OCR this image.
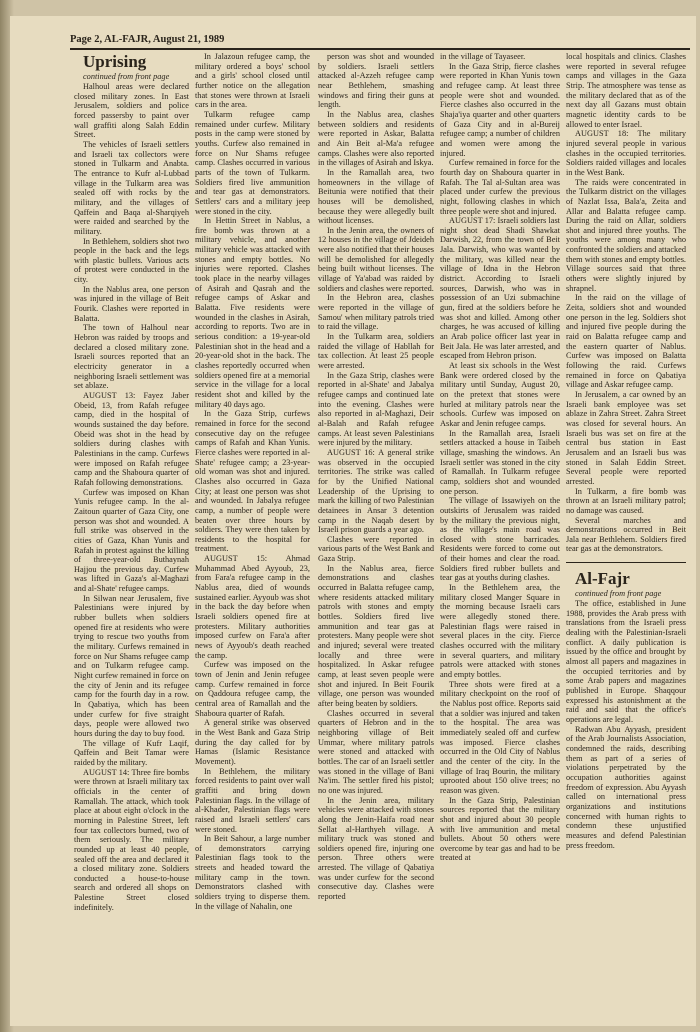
Page 2, AL-FAJR, August 21, 1989

Uprising

continued from front page

Halhoul areas were declared closed military zones. In East Jerusalem, soldiers and police forced passersby to paint over wall graffiti along Salah Eddin Street.

The vehicles of Israeli settlers and Israeli tax collectors were stoned in Tulkarm and Anabta. The entrance to Kufr al-Lubbad village in the Tulkarm area was sealed off with rocks by the military, and the villages of Qaffein and Baqa al-Sharqiyeh were raided and searched by the military.

In Bethlehem, soldiers shot two people in the back and the legs with plastic bullets. Various acts of protest were conducted in the city.

In the Nablus area, one person was injured in the village of Beit Fourik. Clashes were reported in Balatta.

The town of Halhoul near Hebron was raided by troops and declared a closed military zone. Israeli sources reported that an electricity generator in a neighboring Israeli settlement was set ablaze.

AUGUST 13: Fayez Jaber Obeid, 13, from Rafah refugee camp, died in the hospital of wounds sustained the day before. Obeid was shot in the head by soldiers during clashes with Palestinians in the camp. Curfews were imposed on Rafah refugee camp and the Shaboura quarter of Rafah following demonstrations.

Curfew was imposed on Khan Yunis refugee camp. In the al-Zaitoun quarter of Gaza City, one person was shot and wounded. A full strike was observed in the cities of Gaza, Khan Yunis and Rafah in protest against the killing of three-year-old Buthaynah Hajjou the previous day. Curfew was lifted in Gaza's al-Maghazi and al-Shate' refugee camps.

In Silwan near Jerusalem, five Palestinians were injured by rubber bullets when soldiers opened fire at residents who were trying to rescue two youths from the military. Curfews remained in force on Nur Shams refugee camp and on Tulkarm refugee camp. Night curfew remained in force on the city of Jenin and its refugee camp for the fourth day in a row. In Qabatiya, which has been under curfew for five straight days, people were allowed two hours during the day to buy food.

The village of Kufr Laqif, Qaffein and Beit Tamar were raided by the military.

AUGUST 14: Three fire bombs were thrown at Israeli military tax officials in the center of Ramallah. The attack, which took place at about eight o'clock in the morning in Palestine Street, left four tax collectors burned, two of them seriously. The military rounded up at least 40 people, sealed off the area and declared it a closed military zone. Soldiers conducted a house-to-house search and ordered all shops on Palestine Street closed indefinitely.

In Jalazoun refugee camp, the military ordered a boys' school and a girls' school closed until further notice on the allegation that stones were thrown at Israeli cars in the area.

Tulkarm refugee camp remained under curfew. Military posts in the camp were stoned by youths. Curfew also remained in force on Nur Shams refugee camp. Clashes occurred in various parts of the town of Tulkarm. Soldiers fired live ammunition and tear gas at demonstrators. Settlers' cars and a military jeep were stoned in the city.

In Hettin Street in Nablus, a fire bomb was thrown at a military vehicle, and another military vehicle was attacked with stones and empty bottles. No injuries were reported. Clashes took place in the nearby villages of Asirah and Qasrah and the refugee camps of Askar and Balatta. Five residents were wounded in the clashes in Asirah, according to reports. Two are in serious condition: a 19-year-old Palestinian shot in the head and a 20-year-old shot in the back. The clashes reportedly occurred when soldiers opened fire at a memorial service in the village for a local resident shot and killed by the military 40 days ago.

In the Gaza Strip, curfews remained in force for the second consecutive day on the refugee camps of Rafah and Khan Yunis. Fierce clashes were reported in al-Shate' refugee camp; a 23-year-old woman was shot and injured. Clashes also occurred in Gaza City; at least one person was shot and wounded. In Jabalya refugee camp, a number of people were beaten over three hours by soldiers. They were then taken by residents to the hospital for treatment.

AUGUST 15: Ahmad Muhammad Abed Ayyoub, 23, from Fara'a refugee camp in the Nablus area, died of wounds sustained earlier. Ayyoub was shot in the back the day before when Israeli soldiers opened fire at protesters. Military authorities imposed curfew on Fara'a after news of Ayyoub's death reached the camp.

Curfew was imposed on the town of Jenin and Jenin refugee camp. Curfew remained in force on Qaddoura refugee camp, the central area of Ramallah and the Shaboura quarter of Rafah.

A general strike was observed in the West Bank and Gaza Strip during the day called for by Hamas (Islamic Resistance Movement).

In Bethlehem, the military forced residents to paint over wall graffiti and bring down Palestinian flags. In the village of al-Khader, Palestinian flags were raised and Israeli settlers' cars were stoned.

In Beit Sahour, a large number of demonstrators carrying Palestinian flags took to the streets and headed toward the military camp in the town. Demonstrators clashed with soldiers trying to disperse them. In the village of Nahalin, one

person was shot and wounded by soldiers. Israeli settlers attacked al-Azzeh refugee camp near Bethlehem, smashing windows and firing their guns at length.

In the Nablus area, clashes between soldiers and residents were reported in Askar, Balatta and Ain Beit al-Ma'a refugee camps. Clashes were also reported in the villages of Asirah and Iskya.

In the Ramallah area, two homeowners in the village of Beitunia were notified that their houses will be demolished, because they were allegedly built without licenses.

In the Jenin area, the owners of 12 houses in the village of Jdeideh were also notified that their houses will be demolished for allegedly being built without licenses. The village of Ya'abad was raided by soldiers and clashes were reported.

In the Hebron area, clashes were reported in the village of Samou' when military patrols tried to raid the village.

In the Tulkarm area, soldiers raided the village of Habllah for tax collection. At least 25 people were arrested.

In the Gaza Strip, clashes were reported in al-Shate' and Jabalya refugee camps and continued late into the evening. Clashes were also reported in al-Maghazi, Deir al-Balah and Rafah refugee camps. At least seven Palestinians were injured by the military.

AUGUST 16: A general strike was observed in the occupied territories. The strike was called for by the Unified National Leadership of the Uprising to mark the killing of two Palestinian detainees in Ansar 3 detention camp in the Naqab desert by Israeli prison guards a year ago.

Clashes were reported in various parts of the West Bank and Gaza Strip.

In the Nablus area, fierce demonstrations and clashes occurred in Balatta refugee camp, where residents attacked military patrols with stones and empty bottles. Soldiers fired live ammunition and tear gas at protesters. Many people were shot and injured; several were treated locally and three were hospitalized. In Askar refugee camp, at least seven people were shot and injured. In Beit Fourik village, one person was wounded after being beaten by soldiers.

Clashes occurred in several quarters of Hebron and in the neighboring village of Beit Ummar, where military patrols were stoned and attacked with bottles. The car of an Israeli settler was stoned in the village of Bani Na'im. The settler fired his pistol; no one was injured.

In the Jenin area, military vehicles were attacked with stones along the Jenin-Haifa road near Sellat al-Harthyeh village. A military truck was stoned and soldiers opened fire, injuring one person. Three others were arrested. The village of Qabatiya was under curfew for the second consecutive day. Clashes were reported

in the village of Tayaseer.

In the Gaza Strip, fierce clashes were reported in Khan Yunis town and refugee camp. At least three people were shot and wounded. Fierce clashes also occurred in the Shaja'iya quarter and other quarters of Gaza City and in al-Bureij refugee camp; a number of children and women were among the injured.

Curfew remained in force for the fourth day on Shaboura quarter in Rafah. The Tal al-Sultan area was placed under curfew the previous night, following clashes in which three people were shot and injured.

AUGUST 17: Israeli soldiers last night shot dead Shadi Shawkat Darwish, 22, from the town of Beit Jala. Darwish, who was wanted by the military, was killed near the village of Idna in the Hebron district. According to Israeli sources, Darwish, who was in possession of an Uzi submachine gun, fired at the soldiers before he was shot and killed. Among other charges, he was accused of killing an Arab police officer last year in Beit Jala. He was later arrested, and escaped from Hebron prison.

At least six schools in the West Bank were ordered closed by the military until Sunday, August 20, on the pretext that stones were hurled at military patrols near the schools. Curfew was imposed on Askar and Jenin refugee camps.

In the Ramallah area, Israeli settlers attacked a house in Taibeh village, smashing the windows. An Israeli settler was stoned in the city of Ramallah. In Tulkarm refugee camp, soldiers shot and wounded one person.

The village of Issawiyeh on the outskirts of Jerusalem was raided by the military the previous night, as the village's main road was closed with stone barricades. Residents were forced to come out of their homes and clear the road. Soldiers fired rubber bullets and tear gas at youths during clashes.

In the Bethlehem area, the military closed Manger Square in the morning because Israeli cars were allegedly stoned there. Palestinian flags were raised in several places in the city. Fierce clashes occurred with the military in several quarters, and military patrols were attacked with stones and empty bottles.

Three shots were fired at a military checkpoint on the roof of the Nablus post office. Reports said that a soldier was injured and taken to the hospital. The area was immediately sealed off and curfew was imposed. Fierce clashes occurred in the Old City of Nablus and the center of the city. In the village of Iraq Bourin, the military uprooted about 150 olive trees; no reason was given.

In the Gaza Strip, Palestinian sources reported that the military shot and injured about 30 people with live ammunition and metal bullets. About 50 others were overcome by tear gas and had to be treated at

local hospitals and clinics. Clashes were reported in several refugee camps and villages in the Gaza Strip. The atmosphere was tense as the military declared that as of the next day all Gazans must obtain magnetic identity cards to be allowed to enter Israel.

AUGUST 18: The military injured several people in various clashes in the occupied territories. Soldiers raided villages and locales in the West Bank.

The raids were concentrated in the Tulkarm district on the villages of Nazlat Issa, Bala'a, Zeita and Allar and Balatta refugee camp. During the raid on Allar, soldiers shot and injured three youths. The youths were among many who confronted the soldiers and attacked them with stones and empty bottles. Village sources said that three others were slightly injured by shrapnel.

In the raid on the village of Zeita, soldiers shot and wounded one person in the leg. Soldiers shot and injured five people during the raid on Balatta refugee camp and the eastern quarter of Nablus. Curfew was imposed on Balatta following the raid. Curfews remained in force on Qabatiya village and Askar refugee camp.

In Jerusalem, a car owned by an Israeli bank employee was set ablaze in Zahra Street. Zahra Street was closed for several hours. An Israeli bus was set on fire at the central bus station in East Jerusalem and an Israeli bus was stoned in Salah Eddin Street. Several people were reported arrested.

In Tulkarm, a fire bomb was thrown at an Israeli military patrol; no damage was caused.

Several marches and demonstrations occurred in Beit Jala near Bethlehem. Soldiers fired tear gas at the demonstrators.

Al-Fajr

continued from front page

The office, established in June 1988, provides the Arab press with translations from the Israeli press dealing with the Palestinian-Israeli conflict. A daily publication is issued by the office and brought by almost all papers and magazines in the occupied territories and by some Arab papers and magazines published in Europe. Shaqqour expressed his astonishment at the raid and said that the office's operations are legal.

Radwan Abu Ayyash, president of the Arab Journalists Association, condemned the raids, describing them as part of a series of violations perpetrated by the occupation authorities against freedom of expression. Abu Ayyash called on international press organizations and institutions concerned with human rights to condemn these unjustified measures and defend Palestinian press freedom.
